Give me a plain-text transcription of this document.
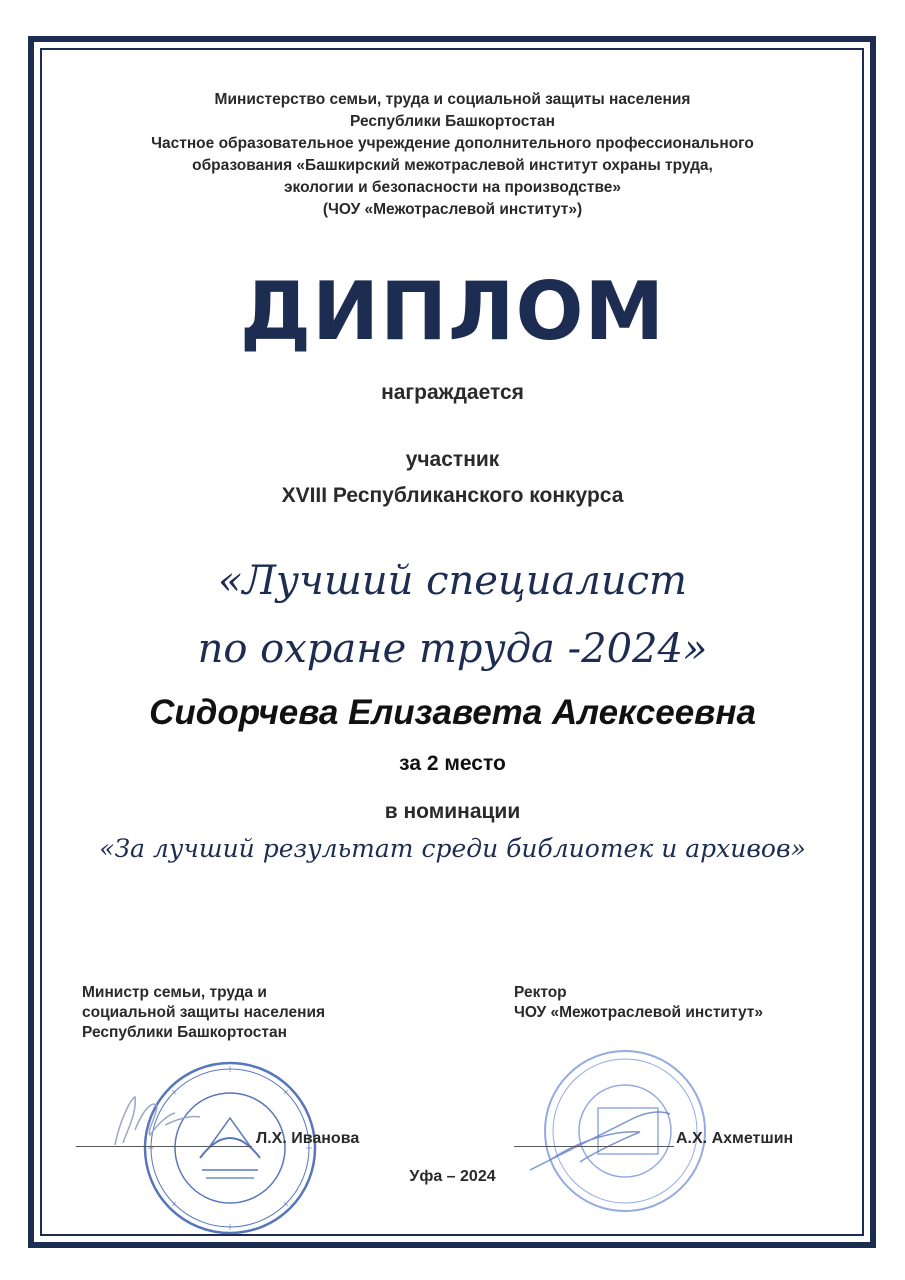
Министерство семьи, труда и социальной защиты населения
Республики Башкортостан
Частное образовательное учреждение дополнительного профессионального
образования «Башкирский межотраслевой институт охраны труда,
экологии и безопасности на производстве»
(ЧОУ «Межотраслевой институт»)
ДИПЛОМ
награждается
участник
XVIII Республиканского конкурса
«Лучший специалист
по охране труда -2024»
Сидорчева Елизавета Алексеевна
за 2 место
в номинации
«За лучший результат среди библиотек и архивов»
Министр семьи, труда и
социальной защиты населения
Республики Башкортостан
Л.Х. Иванова
Ректор
ЧОУ «Межотраслевой институт»
А.Х. Ахметшин
Уфа – 2024
